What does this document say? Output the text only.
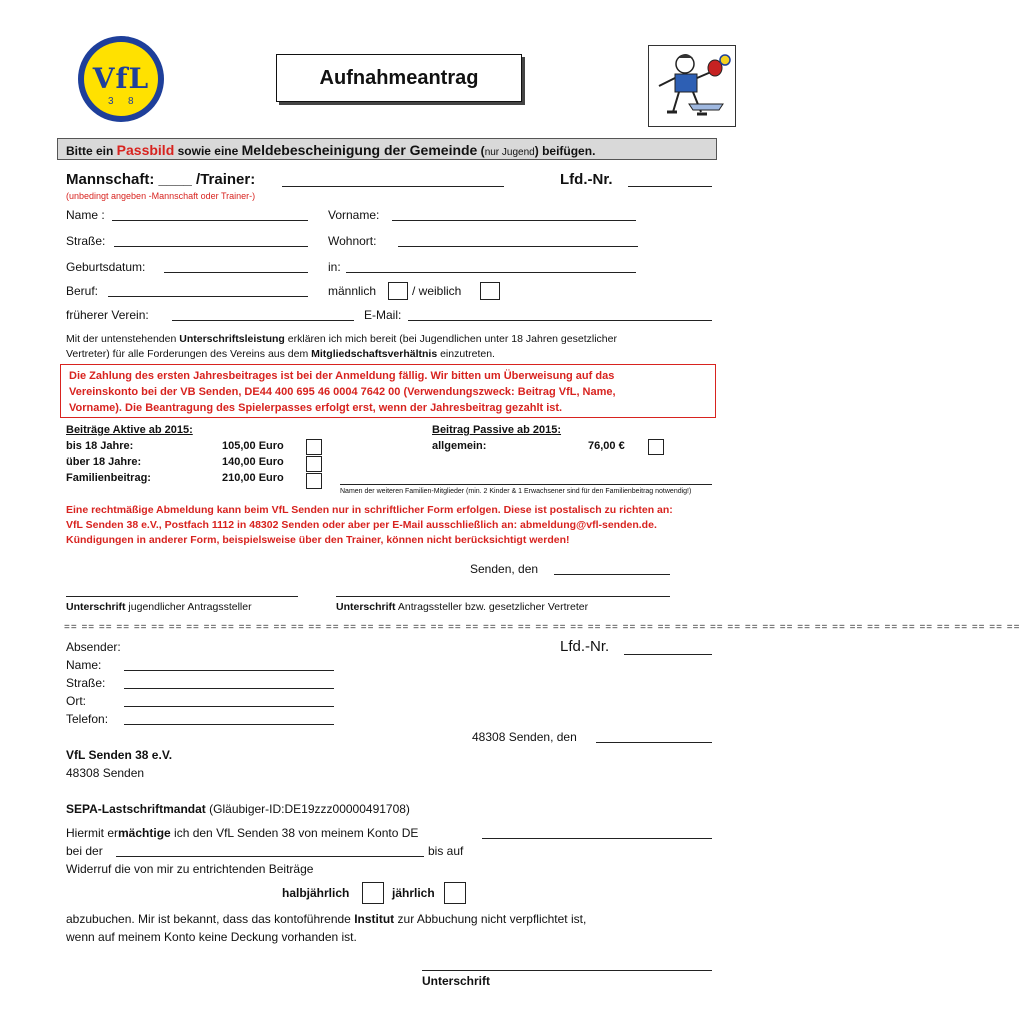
VfL
3 8
Aufnahmeantrag
Bitte ein Passbild sowie eine Meldebescheinigung der Gemeinde (nur Jugend) beifügen.
Mannschaft: ____ /Trainer:	Lfd.-Nr.
(unbedingt angeben -Mannschaft oder Trainer-)
Name :	Vorname:
Straße:	Wohnort:
Geburtsdatum:	in:
Beruf:	männlich	/ weiblich
früherer Verein:	E-Mail:
Mit der untenstehenden Unterschriftsleistung erklären ich mich bereit (bei Jugendlichen unter 18 Jahren gesetzlicher
Vertreter) für alle Forderungen des Vereins aus dem Mitgliedschaftsverhältnis einzutreten.
Die Zahlung des ersten Jahresbeitrages ist bei der Anmeldung fällig. Wir bitten um Überweisung auf das
Vereinskonto bei der VB Senden, DE44 400 695 46 0004 7642 00 (Verwendungszweck: Beitrag VfL, Name,
Vorname). Die Beantragung des Spielerpasses erfolgt erst, wenn der Jahresbeitrag gezahlt ist.
Beiträge Aktive ab 2015:
bis 18 Jahre:	105,00 Euro
über 18 Jahre:	140,00 Euro
Familienbeitrag:	210,00 Euro
Beitrag Passive ab 2015:
allgemein:	76,00 €
Namen der weiteren Familien-Mitglieder (min. 2 Kinder & 1 Erwachsener sind für den Familienbeitrag notwendig!)
Eine rechtmäßige Abmeldung kann beim VfL Senden nur in schriftlicher Form erfolgen. Diese ist postalisch zu richten an:
VfL Senden 38 e.V., Postfach 1112 in 48302 Senden oder aber per E-Mail ausschließlich an: abmeldung@vfl-senden.de.
Kündigungen in anderer Form, beispielsweise über den Trainer, können nicht berücksichtigt werden!
Senden, den
Unterschrift jugendlicher Antragssteller	Unterschrift Antragssteller bzw. gesetzlicher Vertreter
== == == == == == == == == == == == == == == == == == == == == == == == == == == == == == == == == == == == == == == == == == == == == == == == == == == == == == ==
Absender:	Lfd.-Nr.
Name:
Straße:
Ort:
Telefon:
48308 Senden, den
VfL Senden 38 e.V.
48308 Senden
SEPA-Lastschriftmandat (Gläubiger-ID:DE19zzz00000491708)
Hiermit ermächtige ich den VfL Senden 38 von meinem Konto DE
bei der	bis auf
Widerruf die von mir zu entrichtenden Beiträge
halbjährlich	jährlich
abzubuchen. Mir ist bekannt, dass das kontoführende Institut zur Abbuchung nicht verpflichtet ist,
wenn auf meinem Konto keine Deckung vorhanden ist.
Unterschrift
